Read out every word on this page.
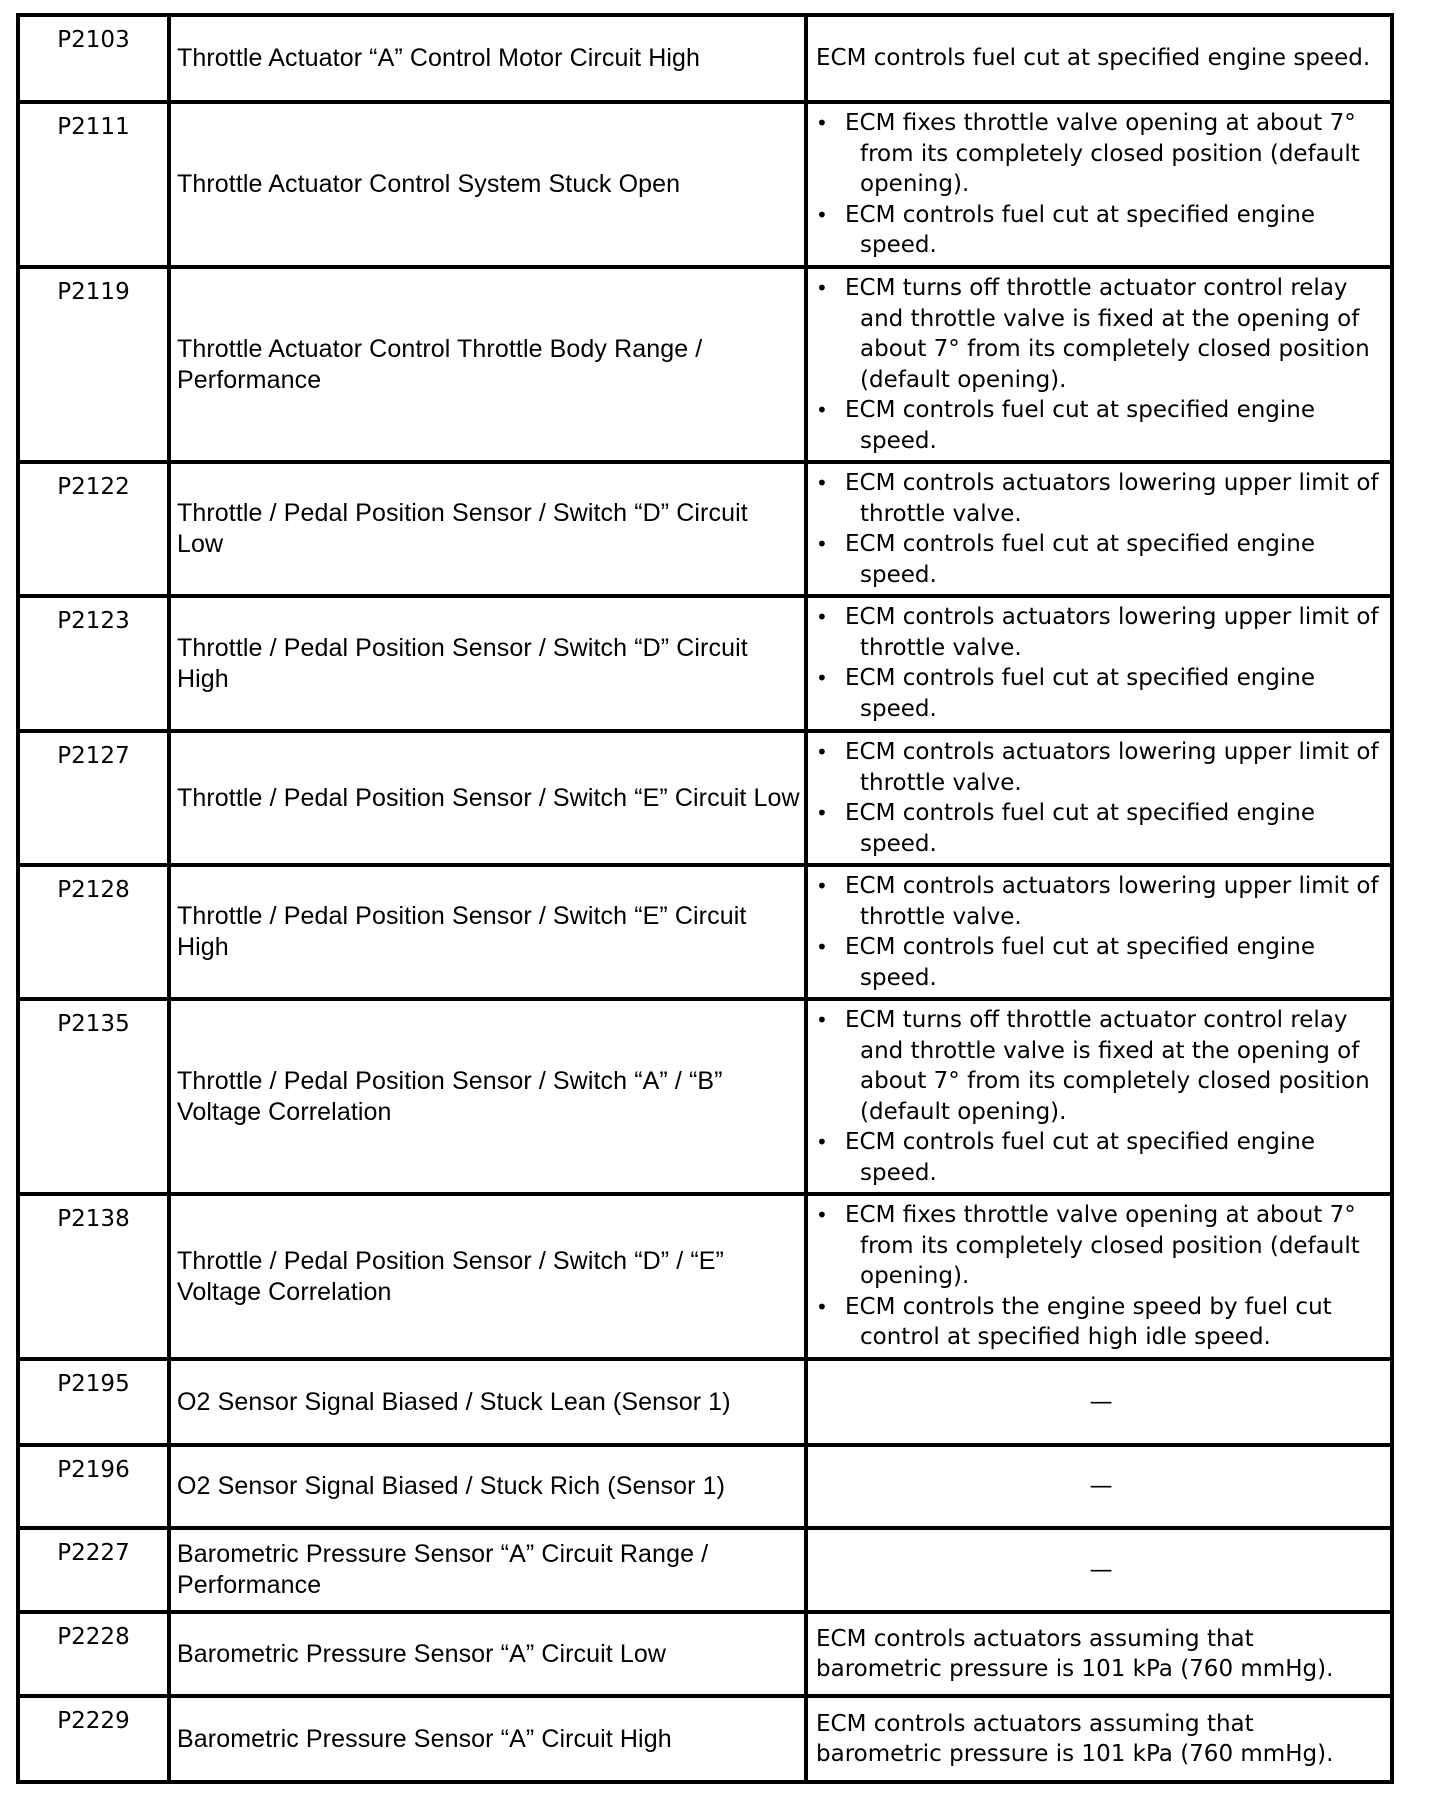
P2103	Throttle Actuator “A” Control Motor Circuit High	ECM controls fuel cut at specified engine speed.
P2111	Throttle Actuator Control System Stuck Open	
• ECM fixes throttle valve opening at about 7° from its completely closed position (default opening).
• ECM controls fuel cut at specified engine speed.

P2119	Throttle Actuator Control Throttle Body Range / Performance	
• ECM turns off throttle actuator control relay and throttle valve is fixed at the opening of about 7° from its completely closed position (default opening).
• ECM controls fuel cut at specified engine speed.

P2122	Throttle / Pedal Position Sensor / Switch “D” Circuit Low	
• ECM controls actuators lowering upper limit of throttle valve.
• ECM controls fuel cut at specified engine speed.

P2123	Throttle / Pedal Position Sensor / Switch “D” Circuit High	
• ECM controls actuators lowering upper limit of throttle valve.
• ECM controls fuel cut at specified engine speed.

P2127	Throttle / Pedal Position Sensor / Switch “E” Circuit Low	
• ECM controls actuators lowering upper limit of throttle valve.
• ECM controls fuel cut at specified engine speed.

P2128	Throttle / Pedal Position Sensor / Switch “E” Circuit High	
• ECM controls actuators lowering upper limit of throttle valve.
• ECM controls fuel cut at specified engine speed.

P2135	Throttle / Pedal Position Sensor / Switch “A” / “B” Voltage Correlation	
• ECM turns off throttle actuator control relay and throttle valve is fixed at the opening of about 7° from its completely closed position (default opening).
• ECM controls fuel cut at specified engine speed.

P2138	Throttle / Pedal Position Sensor / Switch “D” / “E” Voltage Correlation	
• ECM fixes throttle valve opening at about 7° from its completely closed position (default opening).
• ECM controls the engine speed by fuel cut control at specified high idle speed.

P2195	O2 Sensor Signal Biased / Stuck Lean (Sensor 1)	—
P2196	O2 Sensor Signal Biased / Stuck Rich (Sensor 1)	—
P2227	Barometric Pressure Sensor “A” Circuit Range / Performance	—
P2228	Barometric Pressure Sensor “A” Circuit Low	ECM controls actuators assuming that barometric pressure is 101 kPa (760 mmHg).
P2229	Barometric Pressure Sensor “A” Circuit High	ECM controls actuators assuming that barometric pressure is 101 kPa (760 mmHg).
